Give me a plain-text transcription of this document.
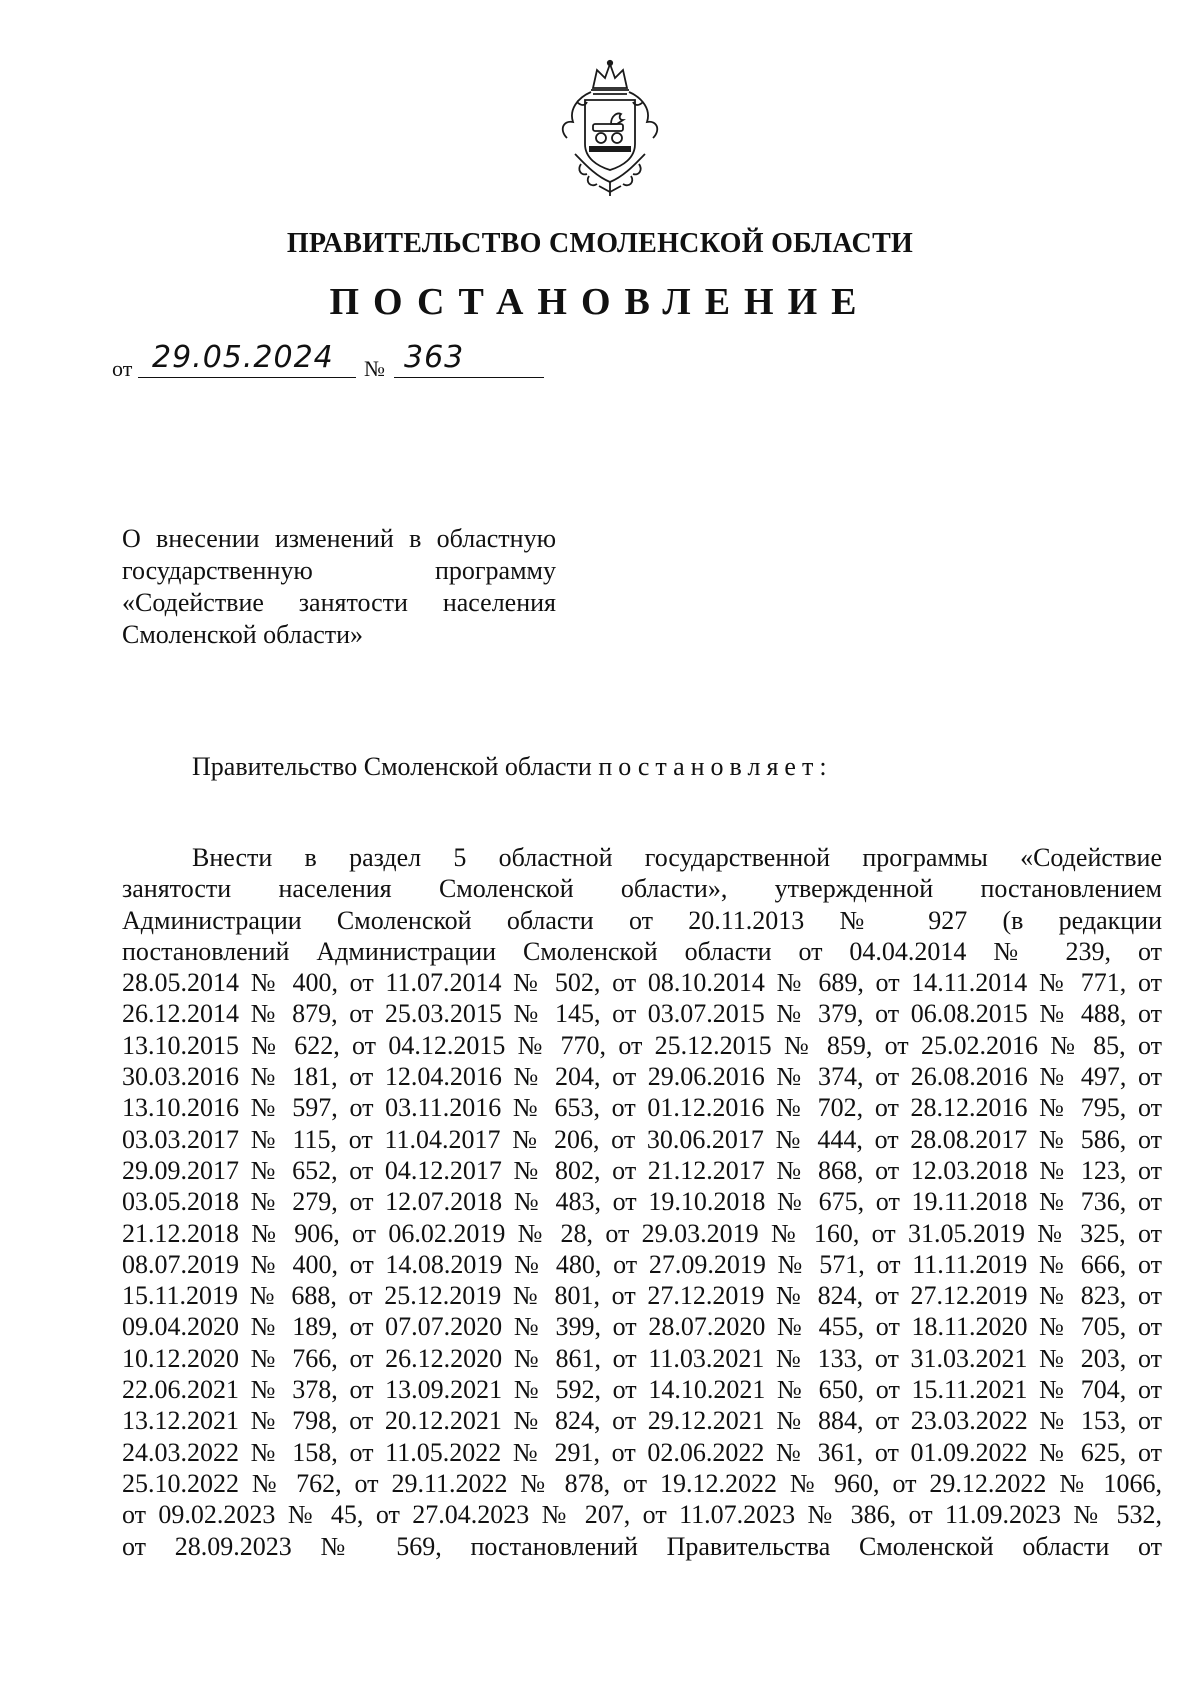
ПРАВИТЕЛЬСТВО СМОЛЕНСКОЙ ОБЛАСТИ
ПОСТАНОВЛЕНИЕ
от 29.05.2024 № 363
О внесении изменений в областную государственную программу «Содействие занятости населения Смоленской области»
Правительство Смоленской области постановляет:
Внести в раздел 5 областной государственной программы «Содействие
занятости населения Смоленской области», утвержденной постановлением
Администрации Смоленской области от 20.11.2013 № 927 (в редакции
постановлений Администрации Смоленской области от 04.04.2014 № 239, от
28.05.2014 № 400, от 11.07.2014 № 502, от 08.10.2014 № 689, от 14.11.2014 № 771, от
26.12.2014 № 879, от 25.03.2015 № 145, от 03.07.2015 № 379, от 06.08.2015 № 488, от
13.10.2015 № 622, от 04.12.2015 № 770, от 25.12.2015 № 859, от 25.02.2016 № 85, от
30.03.2016 № 181, от 12.04.2016 № 204, от 29.06.2016 № 374, от 26.08.2016 № 497, от
13.10.2016 № 597, от 03.11.2016 № 653, от 01.12.2016 № 702, от 28.12.2016 № 795, от
03.03.2017 № 115, от 11.04.2017 № 206, от 30.06.2017 № 444, от 28.08.2017 № 586, от
29.09.2017 № 652, от 04.12.2017 № 802, от 21.12.2017 № 868, от 12.03.2018 № 123, от
03.05.2018 № 279, от 12.07.2018 № 483, от 19.10.2018 № 675, от 19.11.2018 № 736, от
21.12.2018 № 906, от 06.02.2019 № 28, от 29.03.2019 № 160, от 31.05.2019 № 325, от
08.07.2019 № 400, от 14.08.2019 № 480, от 27.09.2019 № 571, от 11.11.2019 № 666, от
15.11.2019 № 688, от 25.12.2019 № 801, от 27.12.2019 № 824, от 27.12.2019 № 823, от
09.04.2020 № 189, от 07.07.2020 № 399, от 28.07.2020 № 455, от 18.11.2020 № 705, от
10.12.2020 № 766, от 26.12.2020 № 861, от 11.03.2021 № 133, от 31.03.2021 № 203, от
22.06.2021 № 378, от 13.09.2021 № 592, от 14.10.2021 № 650, от 15.11.2021 № 704, от
13.12.2021 № 798, от 20.12.2021 № 824, от 29.12.2021 № 884, от 23.03.2022 № 153, от
24.03.2022 № 158, от 11.05.2022 № 291, от 02.06.2022 № 361, от 01.09.2022 № 625, от
25.10.2022 № 762, от 29.11.2022 № 878, от 19.12.2022 № 960, от 29.12.2022 № 1066,
от 09.02.2023 № 45, от 27.04.2023 № 207, от 11.07.2023 № 386, от 11.09.2023 № 532,
от 28.09.2023 № 569, постановлений Правительства Смоленской области от
